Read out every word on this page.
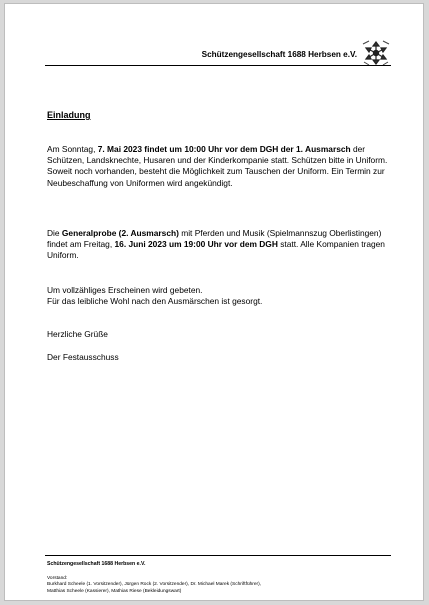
Schützengesellschaft 1688 Herbsen e.V.
Einladung
Am Sonntag, 7. Mai 2023 findet um 10:00 Uhr vor dem DGH der 1. Ausmarsch der Schützen, Landsknechte, Husaren und der Kinderkompanie statt. Schützen bitte in Uniform. Soweit noch vorhanden, besteht die Möglichkeit zum Tauschen der Uniform. Ein Termin zur Neubeschaffung von Uniformen wird angekündigt.
Die Generalprobe (2. Ausmarsch) mit Pferden und Musik (Spielmannszug Oberlistingen) findet am Freitag, 16. Juni 2023 um 19:00 Uhr vor dem DGH statt. Alle Kompanien tragen Uniform.
Um vollzähliges Erscheinen wird gebeten.
Für das leibliche Wohl nach den Ausmärschen ist gesorgt.
Herzliche Grüße
Der Festausschuss
Schützengesellschaft 1688 Herbsen e.V.
Vorstand:
Burkhard Scheele (1. Vorsitzender), Jürgen Rock (2. Vorsitzender), Dr. Michael Marek (Schriftführer),
Matthias Scheele (Kassierer), Mathias Riese (Bekleidungswart)
